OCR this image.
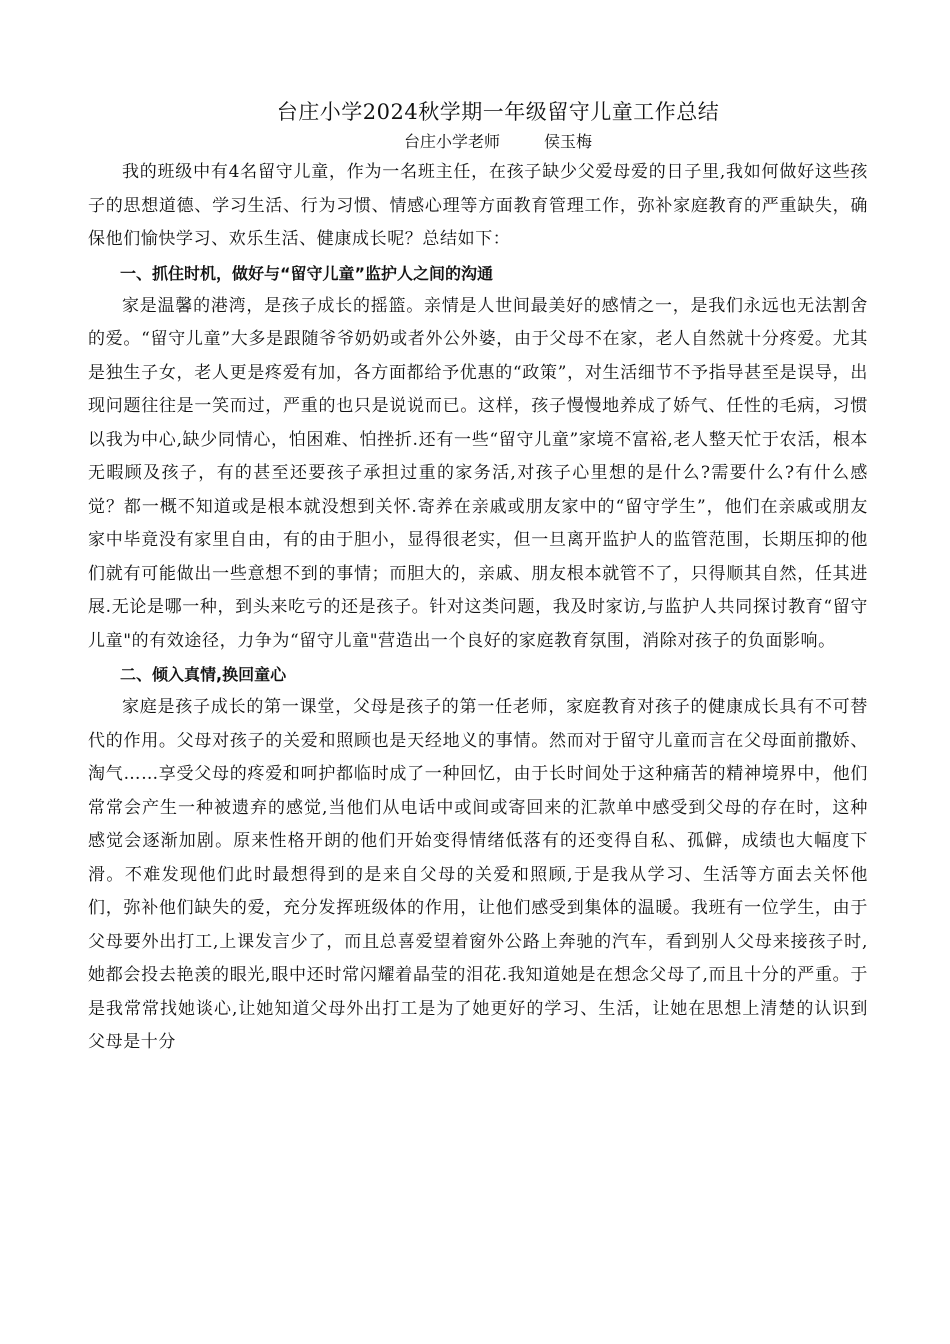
台庄小学2024秋学期一年级留守儿童工作总结
台庄小学老师	侯玉梅

我的班级中有4名留守儿童，作为一名班主任，在孩子缺少父爱母爱的日子里,我如何做好这些孩子的思想道德、学习生活、行为习惯、情感心理等方面教育管理工作，弥补家庭教育的严重缺失，确保他们愉快学习、欢乐生活、健康成长呢？总结如下：

一、抓住时机，做好与“留守儿童”监护人之间的沟通

家是温馨的港湾，是孩子成长的摇篮。亲情是人世间最美好的感情之一，是我们永远也无法割舍的爱。“留守儿童”大多是跟随爷爷奶奶或者外公外婆，由于父母不在家，老人自然就十分疼爱。尤其是独生子女，老人更是疼爱有加，各方面都给予优惠的“政策”，对生活细节不予指导甚至是误导，出现问题往往是一笑而过，严重的也只是说说而已。这样，孩子慢慢地养成了娇气、任性的毛病，习惯以我为中心,缺少同情心，怕困难、怕挫折.还有一些“留守儿童”家境不富裕,老人整天忙于农活，根本无暇顾及孩子，有的甚至还要孩子承担过重的家务活,对孩子心里想的是什么?需要什么?有什么感觉？都一概不知道或是根本就没想到关怀.寄养在亲戚或朋友家中的“留守学生”，他们在亲戚或朋友家中毕竟没有家里自由，有的由于胆小，显得很老实，但一旦离开监护人的监管范围，长期压抑的他们就有可能做出一些意想不到的事情；而胆大的，亲戚、朋友根本就管不了，只得顺其自然，任其进展.无论是哪一种，到头来吃亏的还是孩子。针对这类问题，我及时家访,与监护人共同探讨教育“留守儿童"的有效途径，力争为“留守儿童"营造出一个良好的家庭教育氛围，消除对孩子的负面影响。

二、倾入真情,换回童心

家庭是孩子成长的第一课堂，父母是孩子的第一任老师，家庭教育对孩子的健康成长具有不可替代的作用。父母对孩子的关爱和照顾也是天经地义的事情。然而对于留守儿童而言在父母面前撒娇、淘气……享受父母的疼爱和呵护都临时成了一种回忆，由于长时间处于这种痛苦的精神境界中，他们常常会产生一种被遗弃的感觉,当他们从电话中或间或寄回来的汇款单中感受到父母的存在时，这种感觉会逐渐加剧。原来性格开朗的他们开始变得情绪低落有的还变得自私、孤僻，成绩也大幅度下滑。不难发现他们此时最想得到的是来自父母的关爱和照顾,于是我从学习、生活等方面去关怀他们，弥补他们缺失的爱，充分发挥班级体的作用，让他们感受到集体的温暖。我班有一位学生，由于父母要外出打工,上课发言少了，而且总喜爱望着窗外公路上奔驰的汽车，看到别人父母来接孩子时,她都会投去艳羡的眼光,眼中还时常闪耀着晶莹的泪花.我知道她是在想念父母了,而且十分的严重。于是我常常找她谈心,让她知道父母外出打工是为了她更好的学习、生活，让她在思想上清楚的认识到父母是十分
